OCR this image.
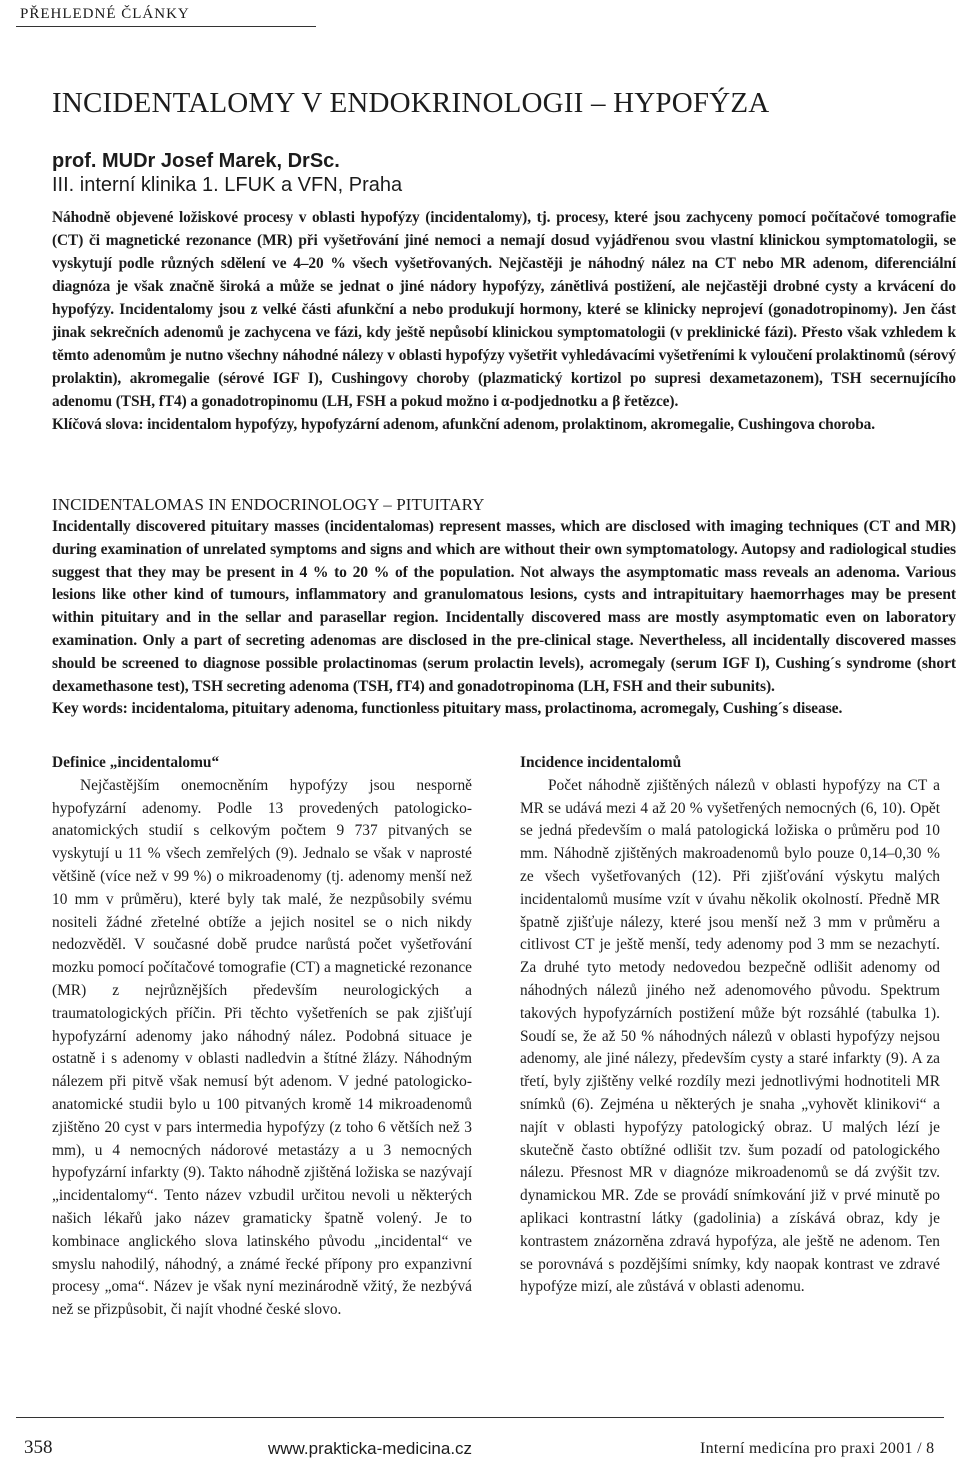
PŘEHLEDNÉ ČLÁNKY
INCIDENTALOMY V ENDOKRINOLOGII – HYPOFÝZA
prof. MUDr Josef Marek, DrSc.
III. interní klinika 1. LFUK a VFN, Praha

Náhodně objevené ložiskové procesy v oblasti hypofýzy (incidentalomy), tj. procesy, které jsou zachyceny pomocí počítačové tomografie (CT) či magnetické rezonance (MR) při vyšetřování jiné nemoci a nemají dosud vyjádřenou svou vlastní klinickou symptomatologii, se vyskytují podle různých sdělení ve 4–20 % všech vyšetřovaných. Nejčastěji je náhodný nález na CT nebo MR adenom, diferenciální diagnóza je však značně široká a může se jednat o jiné nádory hypofýzy, zánětlivá postižení, ale nejčastěji drobné cysty a krvácení do hypofýzy. Incidentalomy jsou z velké části afunkční a nebo produkují hormony, které se klinicky neprojeví (gonadotropinomy). Jen část jinak sekrečních adenomů je zachycena ve fázi, kdy ještě nepůsobí klinickou symptomatologii (v preklinické fázi). Přesto však vzhledem k těmto adenomům je nutno všechny náhodné nálezy v oblasti hypofýzy vyšetřit vyhledávacími vyšetřeními k vyloučení prolaktinomů (sérový prolaktin), akromegalie (sérové IGF I), Cushingovy choroby (plazmatický kortizol po supresi dexametazonem), TSH secernujícího adenomu (TSH, fT4) a gonadotropinomu (LH, FSH a pokud možno i α-podjednotku a β řetězce).

Klíčová slova: incidentalom hypofýzy, hypofyzární adenom, afunkční adenom, prolaktinom, akromegalie, Cushingova choroba.

INCIDENTALOMAS IN ENDOCRINOLOGY – PITUITARY

Incidentally discovered pituitary masses (incidentalomas) represent masses, which are disclosed with imaging techniques (CT and MR) during examination of unrelated symptoms and signs and which are without their own symptomatology. Autopsy and radiological studies suggest that they may be present in 4 % to 20 % of the population. Not always the asymptomatic mass reveals an adenoma. Various lesions like other kind of tumours, inflammatory and granulomatous lesions, cysts and intrapituitary haemorrhages may be present within pituitary and in the sellar and parasellar region. Incidentally discovered mass are mostly asymptomatic even on laboratory examination. Only a part of secreting adenomas are disclosed in the pre-clinical stage. Nevertheless, all incidentally discovered masses should be screened to diagnose possible prolactinomas (serum prolactin levels), acromegaly (serum IGF I), Cushing´s syndrome (short dexamethasone test), TSH secreting adenoma (TSH, fT4) and gonadotropinoma (LH, FSH and their subunits).

Key words: incidentaloma, pituitary adenoma, functionless pituitary mass, prolactinoma, acromegaly, Cushing´s disease.

Definice „incidentalomu“

Nejčastějším onemocněním hypofýzy jsou nesporně hypofyzární adenomy. Podle 13 provedených patologicko-anatomických studií s celkovým počtem 9 737 pitvaných se vyskytují u 11 % všech zemřelých (9). Jednalo se však v naprosté většině (více než v 99 %) o mikroadenomy (tj. adenomy menší než 10 mm v průměru), které byly tak malé, že nezpůsobily svému nositeli žádné zřetelné obtíže a jejich nositel se o nich nikdy nedozvěděl. V současné době prudce narůstá počet vyšetřování mozku pomocí počítačové tomografie (CT) a magnetické rezonance (MR) z nejrůznějších především neurologických a traumatologických příčin. Při těchto vyšetřeních se pak zjišťují hypofyzární adenomy jako náhodný nález. Podobná situace je ostatně i s adenomy v oblasti nadledvin a štítné žlázy. Náhodným nálezem při pitvě však nemusí být adenom. V jedné patologicko-anatomické studii bylo u 100 pitvaných kromě 14 mikroadenomů zjištěno 20 cyst v pars intermedia hypofýzy (z toho 6 větších než 3 mm), u 4 nemocných nádorové metastázy a u 3 nemocných hypofyzární infarkty (9). Takto náhodně zjištěná ložiska se nazývají „incidentalomy“. Tento název vzbudil určitou nevoli u některých našich lékařů jako název gramaticky špatně volený. Je to kombinace anglického slova latinského původu „incidental“ ve smyslu nahodilý, náhodný, a známé řecké přípony pro expanzivní procesy „oma“. Název je však nyní mezinárodně vžitý, že nezbývá než se přizpůsobit, či najít vhodné české slovo.

Incidence incidentalomů

Počet náhodně zjištěných nálezů v oblasti hypofýzy na CT a MR se udává mezi 4 až 20 % vyšetřených nemocných (6, 10). Opět se jedná především o malá patologická ložiska o průměru pod 10 mm. Náhodně zjištěných makroadenomů bylo pouze 0,14–0,30 % ze všech vyšetřovaných (12). Při zjišťování výskytu malých incidentalomů musíme vzít v úvahu několik okolností. Předně MR špatně zjišťuje nálezy, které jsou menší než 3 mm v průměru a citlivost CT je ještě menší, tedy adenomy pod 3 mm se nezachytí. Za druhé tyto metody nedovedou bezpečně odlišit adenomy od náhodných nálezů jiného než adenomového původu. Spektrum takových hypofyzárních postižení může být rozsáhlé (tabulka 1). Soudí se, že až 50 % náhodných nálezů v oblasti hypofýzy nejsou adenomy, ale jiné nálezy, především cysty a staré infarkty (9). A za třetí, byly zjištěny velké rozdíly mezi jednotlivými hodnotiteli MR snímků (6). Zejména u některých je snaha „vyhovět klinikovi“ a najít v oblasti hypofýzy patologický obraz. U malých lézí je skutečně často obtížné odlišit tzv. šum pozadí od patologického nálezu. Přesnost MR v diagnóze mikroadenomů se dá zvýšit tzv. dynamickou MR. Zde se provádí snímkování již v prvé minutě po aplikaci kontrastní látky (gadolinia) a získává obraz, kdy je kontrastem znázorněna zdravá hypofýza, ale ještě ne adenom. Ten se porovnává s pozdějšími snímky, kdy naopak kontrast ve zdravé hypofýze mizí, ale zůstává v oblasti adenomu.

358	www.prakticka-medicina.cz	Interní medicína pro praxi 2001 / 8
